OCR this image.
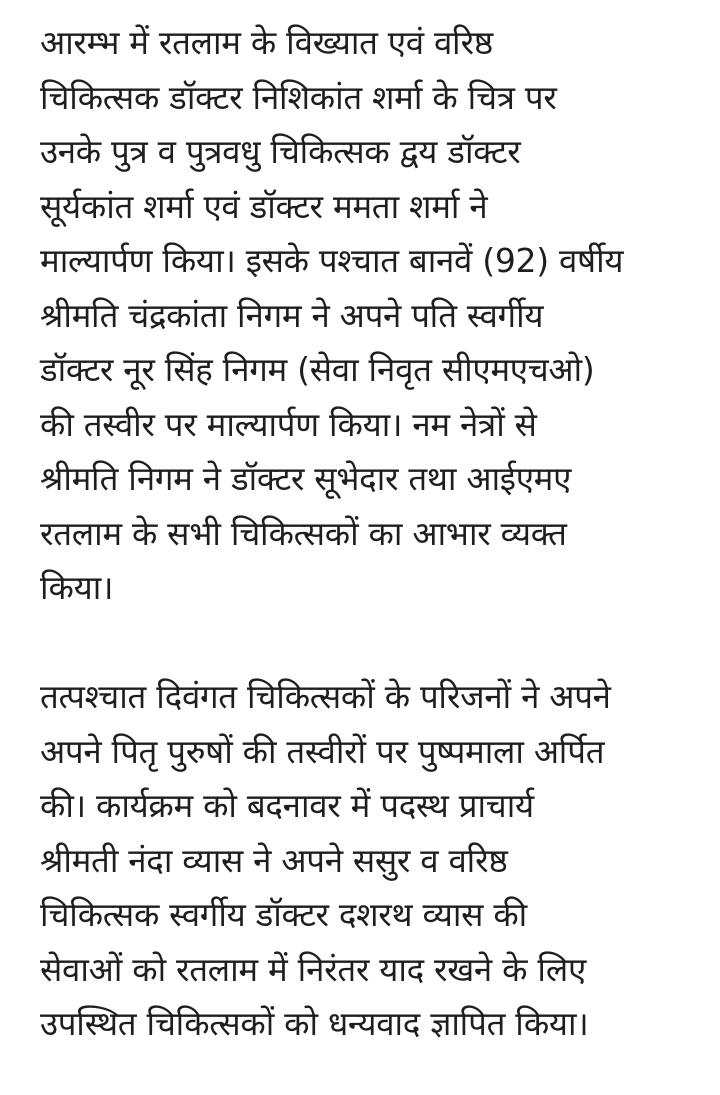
आरम्भ में रतलाम के विख्यात एवं वरिष्ठ
चिकित्सक डॉक्टर निशिकांत शर्मा के चित्र पर
उनके पुत्र व पुत्रवधु चिकित्सक द्वय डॉक्टर
सूर्यकांत शर्मा एवं डॉक्टर ममता शर्मा ने
माल्यार्पण किया। इसके पश्चात बानवें (92) वर्षीय
श्रीमति चंद्रकांता निगम ने अपने पति स्वर्गीय
डॉक्टर नूर सिंह निगम (सेवा निवृत सीएमएचओ)
की तस्वीर पर माल्यार्पण किया। नम नेत्रों से
श्रीमति निगम ने डॉक्टर सूभेदार तथा आईएमए
रतलाम के सभी चिकित्सकों का आभार व्यक्त
किया।

तत्पश्चात दिवंगत चिकित्सकों के परिजनों ने अपने
अपने पितृ पुरुषों की तस्वीरों पर पुष्पमाला अर्पित
की। कार्यक्रम को बदनावर में पदस्थ प्राचार्य
श्रीमती नंदा व्यास ने अपने ससुर व वरिष्ठ
चिकित्सक स्वर्गीय डॉक्टर दशरथ व्यास की
सेवाओं को रतलाम में निरंतर याद रखने के लिए
उपस्थित चिकित्सकों को धन्यवाद ज्ञापित किया।
